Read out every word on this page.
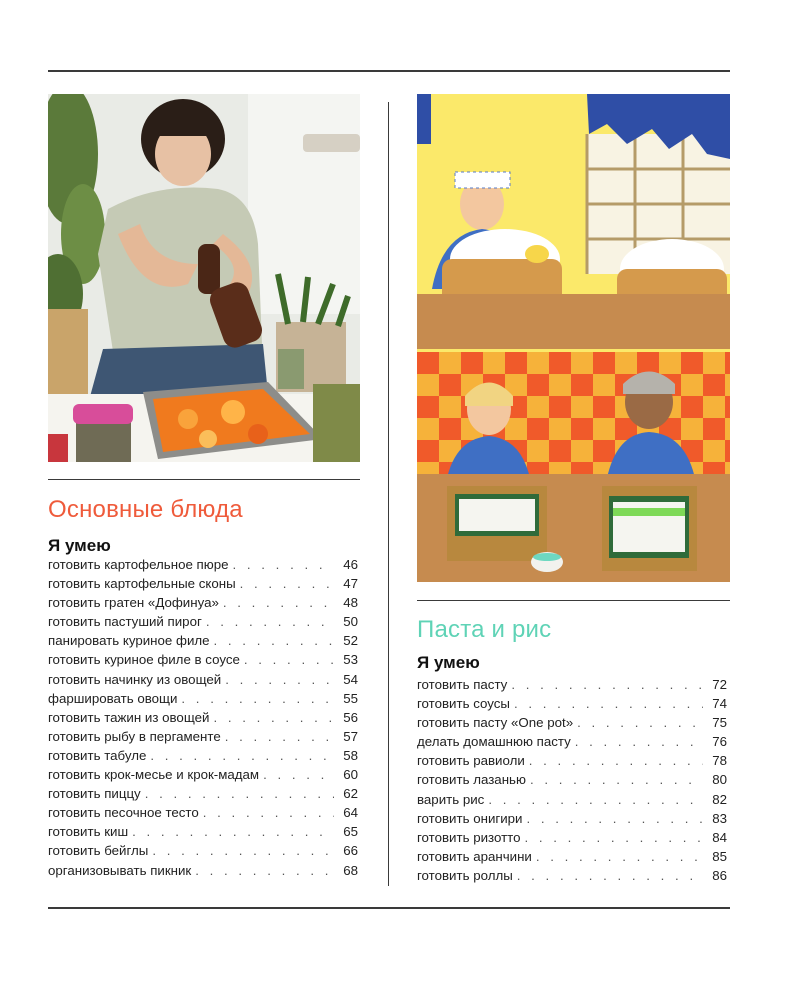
Основные блюда
Я умею
готовить картофельное пюре . . .	46
готовить картофельные сконы . . .	47
готовить гратен «Дофинуа» . . .	48
готовить пастуший пирог . . .	50
панировать куриное филе . . .	52
готовить куриное филе в соусе . . .	53
готовить начинку из овощей . . .	54
фаршировать овощи . . .	55
готовить тажин из овощей . . .	56
готовить рыбу в пергаменте . . .	57
готовить табуле . . .	58
готовить крок-месье и крок-мадам . . .	60
готовить пиццу . . .	62
готовить песочное тесто . . .	64
готовить киш . . .	65
готовить бейглы . . .	66
организовывать пикник . . .	68
Паста и рис
Я умею
готовить пасту . . .	72
готовить соусы . . .	74
готовить пасту «One pot» . . .	75
делать домашнюю пасту . . .	76
готовить равиоли . . .	78
готовить лазанью . . .	80
варить рис . . .	82
готовить онигири . . .	83
готовить ризотто . . .	84
готовить аранчини . . .	85
готовить роллы . . .	86
